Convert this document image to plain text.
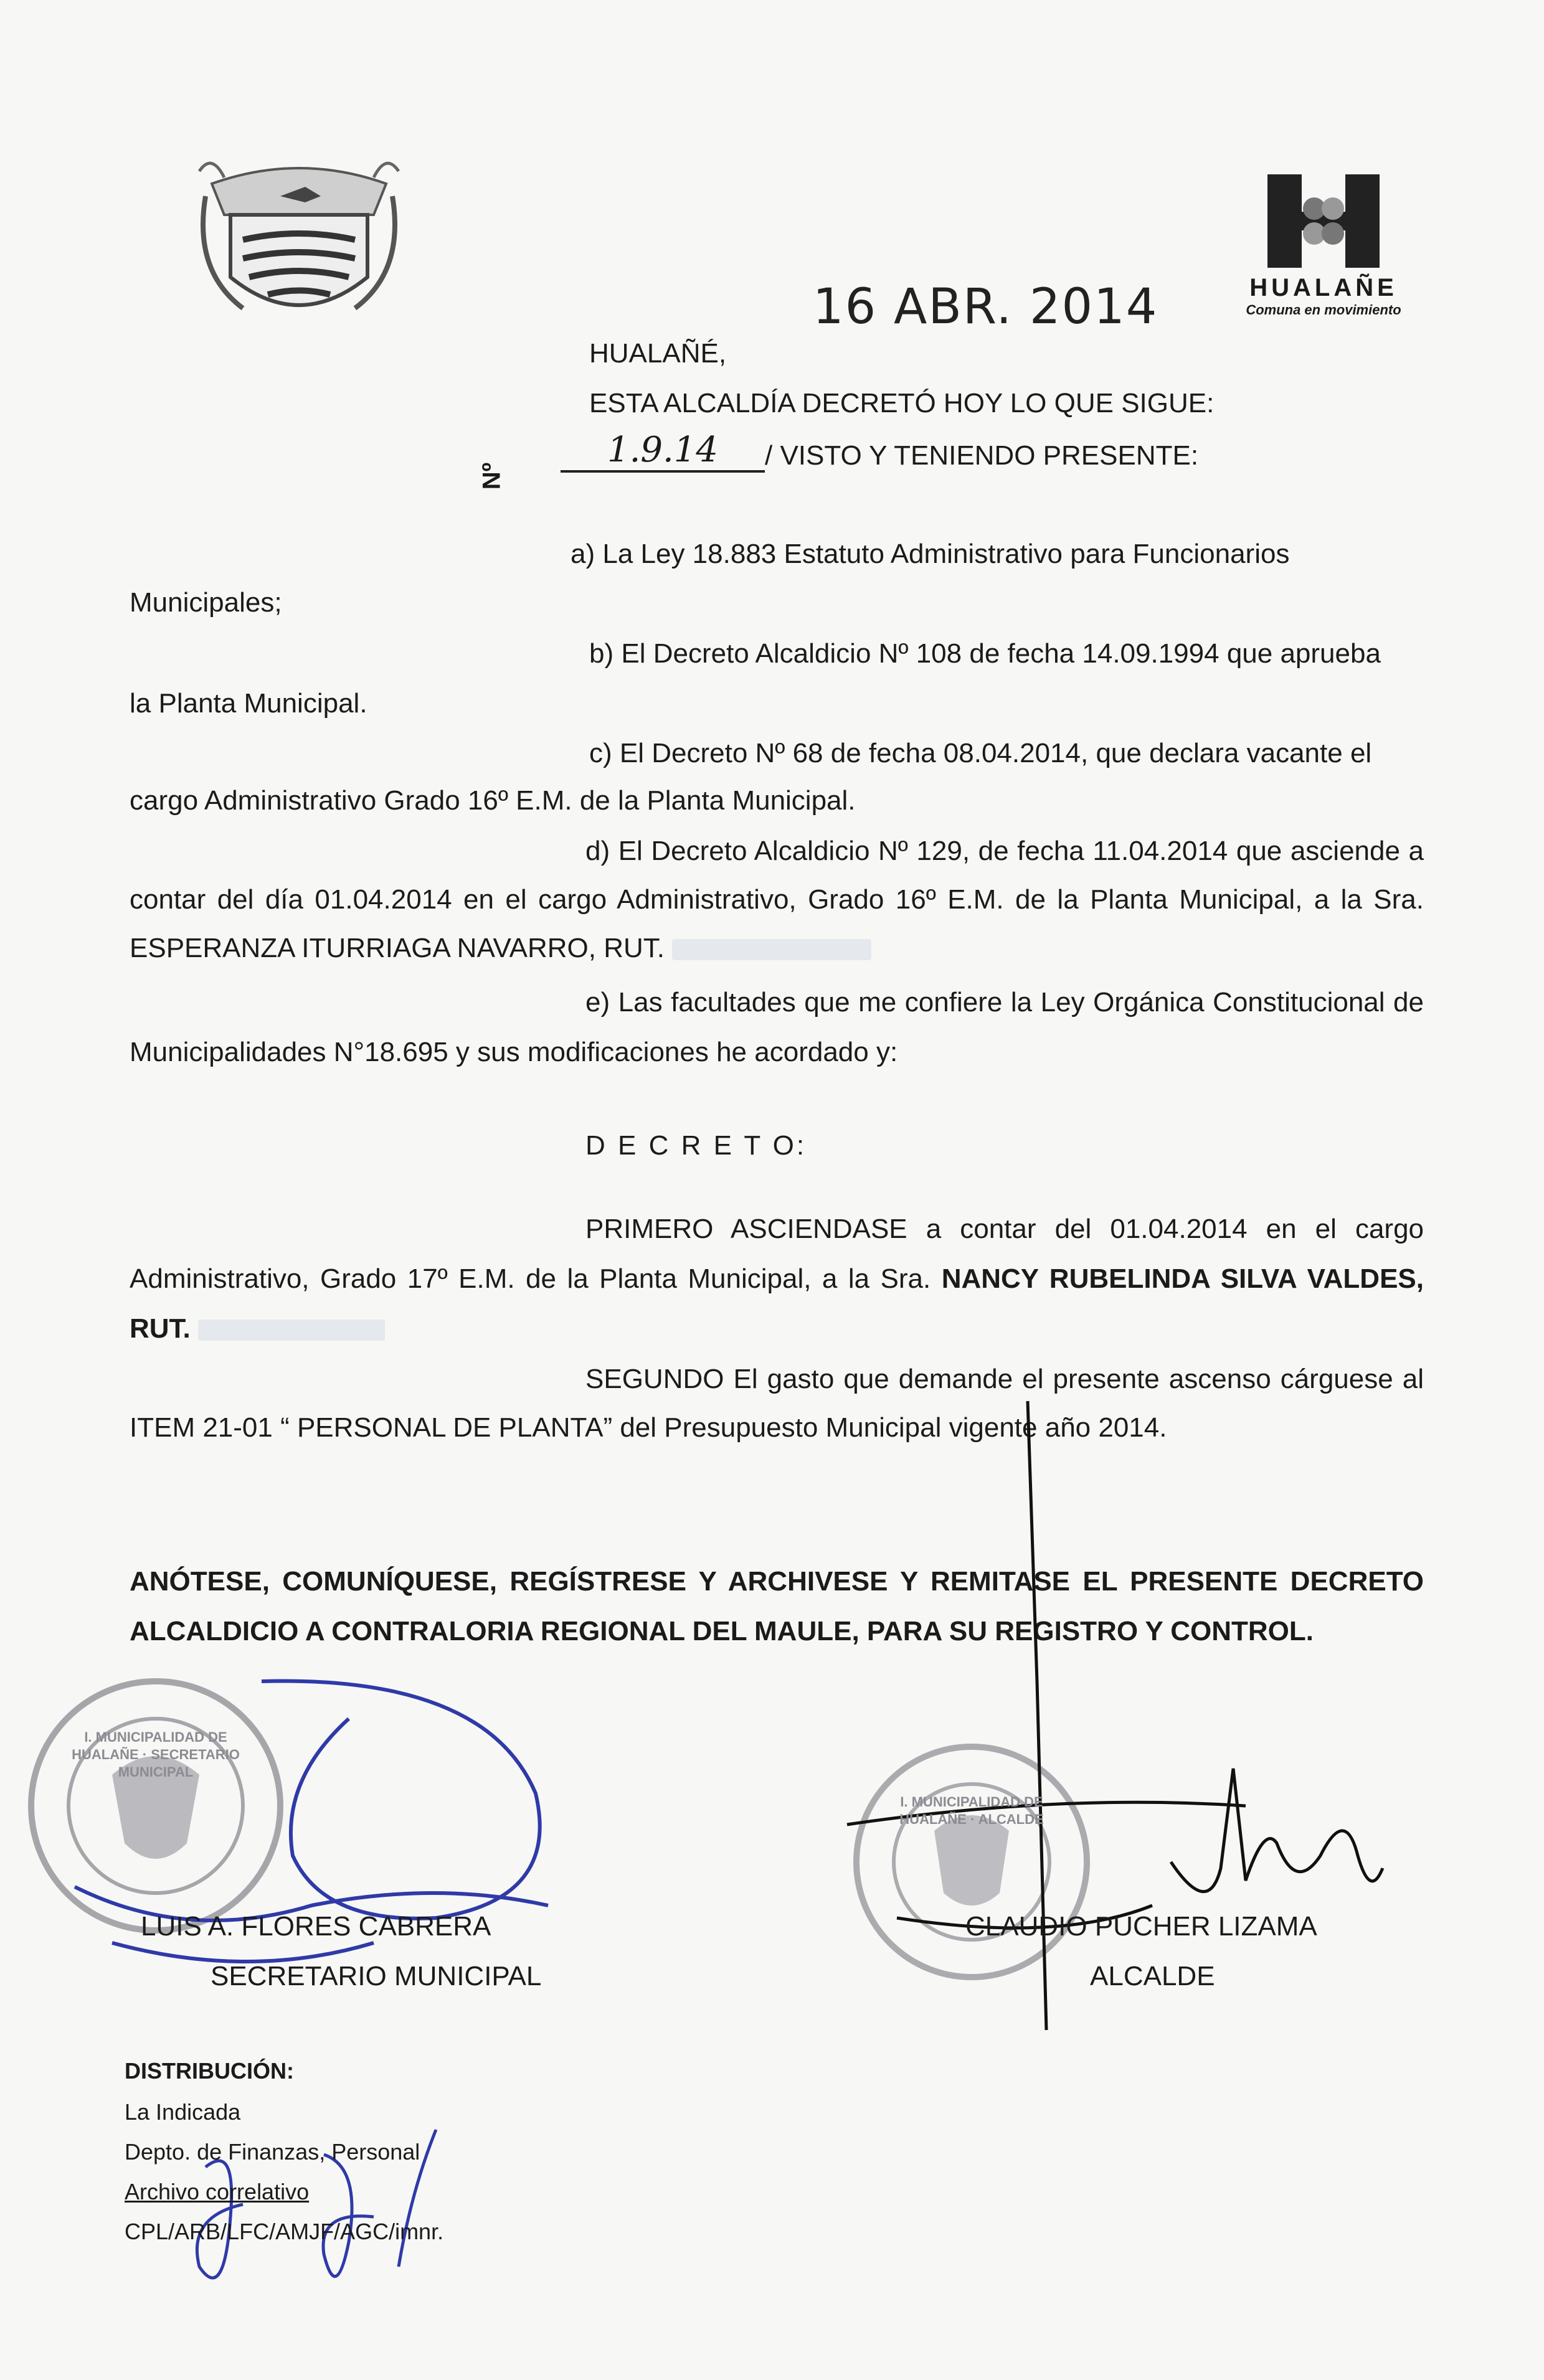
HUALAÑE
Comuna en movimiento
16 ABR. 2014
HUALAÑÉ,
ESTA ALCALDÍA DECRETÓ HOY LO QUE SIGUE:
1.9.14	/ VISTO Y TENIENDO PRESENTE:
Nº
a) La Ley 18.883 Estatuto Administrativo para Funcionarios
Municipales;
b) El Decreto Alcaldicio Nº 108 de fecha 14.09.1994 que aprueba
la Planta Municipal.
c) El Decreto Nº 68 de fecha 08.04.2014, que declara vacante el
cargo Administrativo Grado 16º E.M. de la Planta Municipal.
d) El Decreto Alcaldicio Nº 129, de fecha 11.04.2014 que asciende a contar del día 01.04.2014 en el cargo Administrativo, Grado 16º E.M. de la Planta Municipal, a la Sra. ESPERANZA ITURRIAGA NAVARRO, RUT.
e) Las facultades que me confiere la Ley Orgánica Constitucional de Municipalidades N°18.695 y sus modificaciones he acordado y:
D E C R E T O:
PRIMERO ASCIENDASE a contar del 01.04.2014 en el cargo Administrativo, Grado 17º E.M. de la Planta Municipal, a la Sra. NANCY RUBELINDA SILVA VALDES, RUT.
SEGUNDO El gasto que demande el presente ascenso cárguese al ITEM 21-01 “ PERSONAL DE PLANTA” del Presupuesto Municipal vigente año 2014.
ANÓTESE, COMUNÍQUESE, REGÍSTRESE Y ARCHIVESE Y REMITASE EL PRESENTE DECRETO ALCALDICIO A CONTRALORIA REGIONAL DEL MAULE, PARA SU REGISTRO Y CONTROL.
LUIS A. FLORES CABRERA
SECRETARIO MUNICIPAL
I. MUNICIPALIDAD DE HUALAÑE · SECRETARIO MUNICIPAL
CLAUDIO PUCHER LIZAMA
ALCALDE
I. MUNICIPALIDAD DE HUALAÑE · ALCALDE
DISTRIBUCIÓN:
La Indicada
Depto. de Finanzas, Personal
Archivo correlativo
CPL/ARB/LFC/AMJF/AGC/imnr.
